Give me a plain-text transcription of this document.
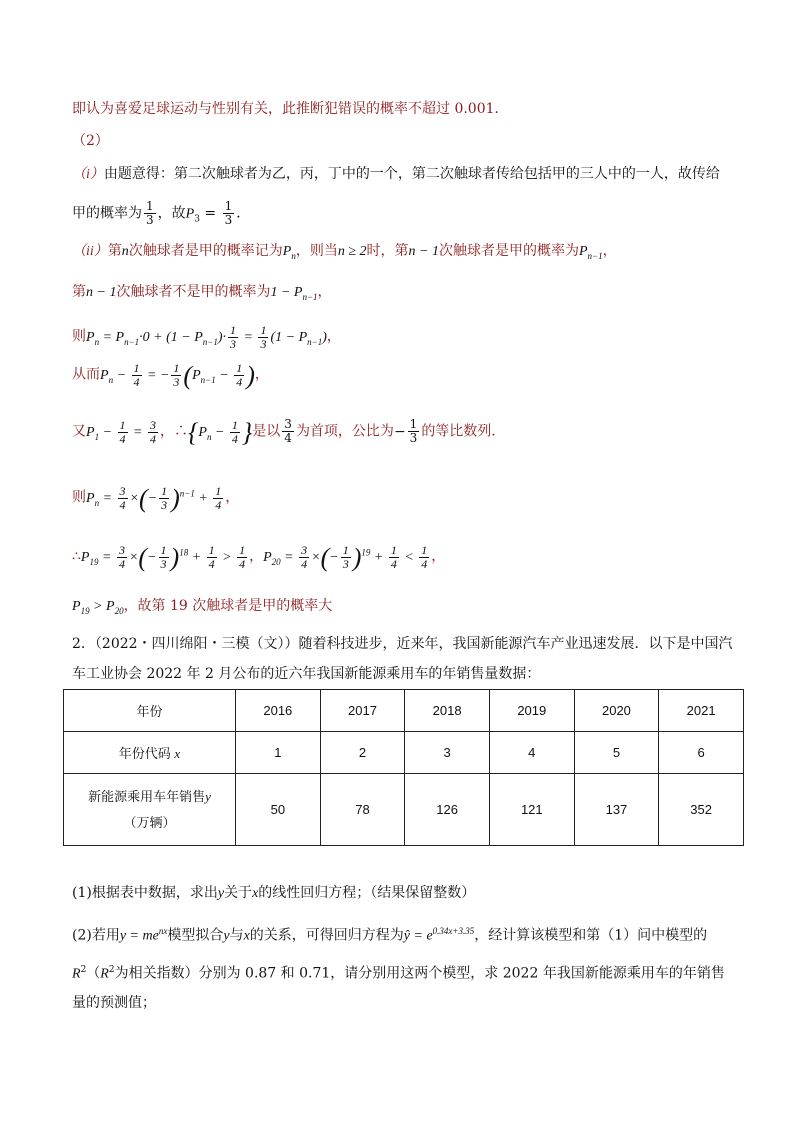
即认为喜爱足球运动与性别有关，此推断犯错误的概率不超过 0.001．
（2）
（i）由题意得：第二次触球者为乙，丙，丁中的一个，第二次触球者传给包括甲的三人中的一人，故传给
甲的概率为 $\frac{1}{3}$ ，故$P_3 = \frac{1}{3}$ ．
（ii）第n次触球者是甲的概率记为$P_n$，则当n ≥ 2时，第n − 1次触球者是甲的概率为$P_{n-1}$，
第n − 1次触球者不是甲的概率为$1 - P_{n-1}$，
则$P_n = P_{n-1}\cdot 0 + (1 - P_{n-1})\cdot \frac{1}{3} = \frac{1}{3} (1 - P_{n-1})$，
从而$P_n - \frac{1}{4}$ = − $\frac{1}{3} (P_{n-1} - \frac{1}{4}$ )，
又$P_1 - \frac{1}{4} = \frac{3}{4}$ ，$\therefore\{P_n - \frac{1}{4}$ }是以 $\frac{3}{4}$ 为首项，公比为− $\frac{1}{3}$ 的等比数列．
则$P_n = \frac{3}{4}$ ×(− $\frac{1}{3} )^{n-1} + \frac{1}{4}$ ，
$\therefore P_{19} = \frac{3}{4}$ ×(− $\frac{1}{3} )^{18} + \frac{1}{4} > \frac{1}{4}$ ，$P_{20} = \frac{3}{4}$ ×(− $\frac{1}{3} )^{19} + \frac{1}{4} < \frac{1}{4}$ ，
$P_{19} > P_{20}$，故第 19 次触球者是甲的概率大
2．（2022・四川绵阳・三模（文））随着科技进步，近来年，我国新能源汽车产业迅速发展．以下是中国汽
车工业协会 2022 年 2 月公布的近六年我国新能源乘用车的年销售量数据：
年份	2016	2017	2018	2019	2020	2021
年份代码 x	1	2	3	4	5	6
新能源乘用车年销售y
（万辆）	50	78	126	121	137	352
(1)根据表中数据，求出y关于x的线性回归方程；（结果保留整数）
(2)若用$y = me^{nx}$模型拟合y与x的关系，可得回归方程为ŷ = $e^{0.34x+3.35}$，经计算该模型和第（1）问中模型的
$R^2(R^2$为相关指数）分别为 0.87 和 0.71，请分别用这两个模型，求 2022 年我国新能源乘用车的年销售
量的预测值；
